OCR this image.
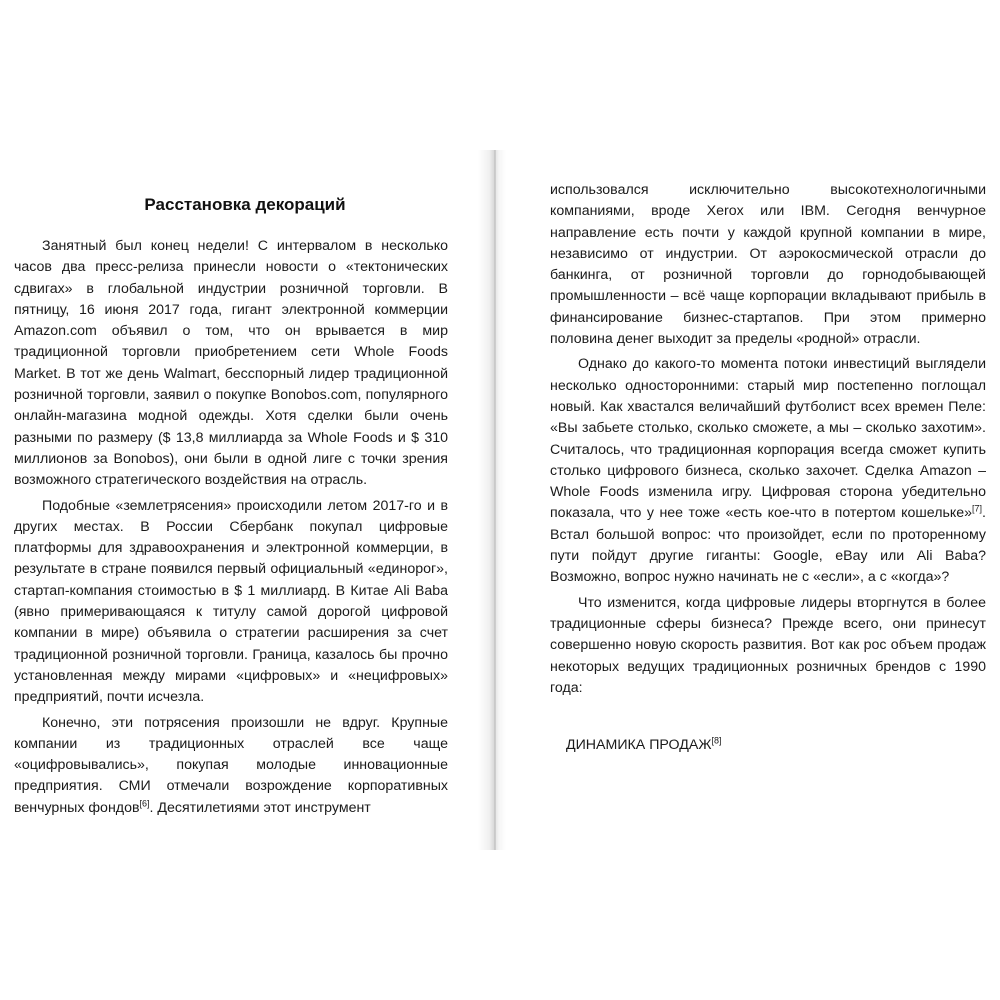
Расстановка декораций

Занятный был конец недели! С интервалом в несколько часов два пресс-релиза принесли новости о «тектонических сдвигах» в глобальной индустрии розничной торговли. В пятницу, 16 июня 2017 года, гигант электронной коммерции Amazon.com объявил о том, что он врывается в мир традиционной торговли приобретением сети Whole Foods Market. В тот же день Walmart, бесспорный лидер традиционной розничной торговли, заявил о покупке Bonobos.com, популярного онлайн-магазина модной одежды. Хотя сделки были очень разными по размеру ($ 13,8 миллиарда за Whole Foods и $ 310 миллионов за Bonobos), они были в одной лиге с точки зрения возможного стратегического воздействия на отрасль.

Подобные «землетрясения» происходили летом 2017-го и в других местах. В России Сбербанк покупал цифровые платформы для здравоохранения и электронной коммерции, в результате в стране появился первый официальный «единорог», стартап-компания стоимостью в $ 1 миллиард. В Китае Ali Baba (явно примеривающаяся к титулу самой дорогой цифровой компании в мире) объявила о стратегии расширения за счет традиционной розничной торговли. Граница, казалось бы прочно установленная между мирами «цифровых» и «нецифровых» предприятий, почти исчезла.

Конечно, эти потрясения произошли не вдруг. Крупные компании из традиционных отраслей все чаще «оцифровывались», покупая молодые инновационные предприятия. СМИ отмечали возрождение корпоративных венчурных фондов[6]. Десятилетиями этот инструмент

использовался исключительно высокотехнологичными компаниями, вроде Xerox или IBM. Сегодня венчурное направление есть почти у каждой крупной компании в мире, независимо от индустрии. От аэрокосмической отрасли до банкинга, от розничной торговли до горнодобывающей промышленности – всё чаще корпорации вкладывают прибыль в финансирование бизнес-стартапов. При этом примерно половина денег выходит за пределы «родной» отрасли.

Однако до какого-то момента потоки инвестиций выглядели несколько односторонними: старый мир постепенно поглощал новый. Как хвастался величайший футболист всех времен Пеле: «Вы забьете столько, сколько сможете, а мы – сколько захотим». Считалось, что традиционная корпорация всегда сможет купить столько цифрового бизнеса, сколько захочет. Сделка Amazon – Whole Foods изменила игру. Цифровая сторона убедительно показала, что у нее тоже «есть кое-что в потертом кошельке»[7]. Встал большой вопрос: что произойдет, если по проторенному пути пойдут другие гиганты: Google, eBay или Ali Baba? Возможно, вопрос нужно начинать не с «если», а с «когда»?

Что изменится, когда цифровые лидеры вторгнутся в более традиционные сферы бизнеса? Прежде всего, они принесут совершенно новую скорость развития. Вот как рос объем продаж некоторых ведущих традиционных розничных брендов с 1990 года:

ДИНАМИКА ПРОДАЖ[8]
